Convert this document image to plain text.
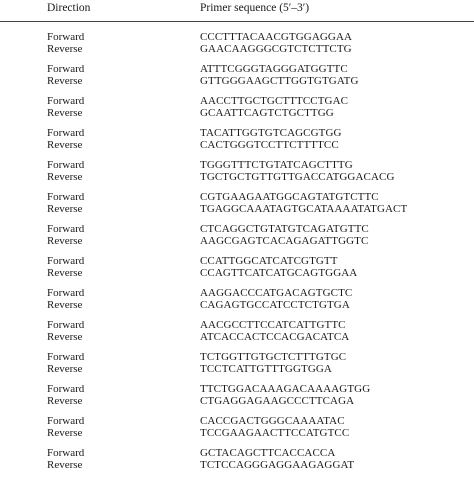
Direction	Primer sequence (5′–3′)
Forward	CCCTTTACAACGTGGAGGAA
Reverse	GAACAAGGGCGTCTCTTCTG
Forward	ATTTCGGGTAGGGATGGTTC
Reverse	GTTGGGAAGCTTGGTGTGATG
Forward	AACCTTGCTGCTTTCCTGAC
Reverse	GCAATTCAGTCTGCTTGG
Forward	TACATTGGTGTCAGCGTGG
Reverse	CACTGGGTCCTTCTTTTCC
Forward	TGGGTTTCTGTATCAGCTTTG
Reverse	TGCTGCTGTTGTTGACCATGGACACG
Forward	CGTGAAGAATGGCAGTATGTCTTC
Reverse	TGAGGCAAATAGTGCATAAAATATGACT
Forward	CTCAGGCTGTATGTCAGATGTTC
Reverse	AAGCGAGTCACAGAGATTGGTC
Forward	CCATTGGCATCATCGTGTT
Reverse	CCAGTTCATCATGCAGTGGAA
Forward	AAGGACCCATGACAGTGCTC
Reverse	CAGAGTGCCATCCTCTGTGA
Forward	AACGCCTTCCATCATTGTTC
Reverse	ATCACCACTCCACGACATCA
Forward	TCTGGTTGTGCTCTTTGTGC
Reverse	TCCTCATTGTTTGGTGGA
Forward	TTCTGGACAAAGACAAAAGTGG
Reverse	CTGAGGAGAAGCCCTTCAGA
Forward	CACCGACTGGGCAAAATAC
Reverse	TCCGAAGAACTTCCATGTCC
Forward	GCTACAGCTTCACCACCA
Reverse	TCTCCAGGGAGGAAGAGGAT
